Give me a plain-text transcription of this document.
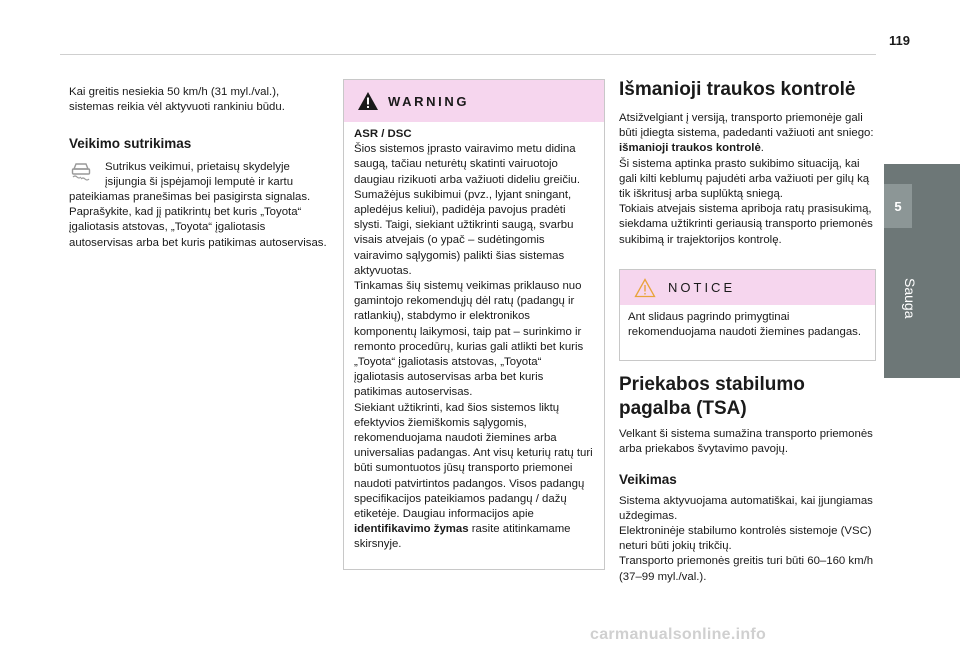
119
5
Sauga

Kai greitis nesiekia 50 km/h (31 myl./val.), sistemas reikia vėl aktyvuoti rankiniu būdu.

Veikimo sutrikimas

Sutrikus veikimui, prietaisų skydelyje įsijungia ši įspėjamoji lemputė ir kartu

pateikiamas pranešimas bei pasigirsta signalas. Paprašykite, kad jį patikrintų bet kuris „Toyota“ įgaliotasis atstovas, „Toyota“ įgaliotasis autoservisas arba bet kuris patikimas autoservisas.

WARNING

ASR / DSC

Šios sistemos įprasto vairavimo metu didina saugą, tačiau neturėtų skatinti vairuotojo daugiau rizikuoti arba važiuoti dideliu greičiu. Sumažėjus sukibimui (pvz., lyjant sningant, apledėjus keliui), padidėja pavojus pradėti slysti. Taigi, siekiant užtikrinti saugą, svarbu visais atvejais (o ypač – sudėtingomis vairavimo sąlygomis) palikti šias sistemas aktyvuotas.

Tinkamas šių sistemų veikimas priklauso nuo gamintojo rekomendųjų dėl ratų (padangų ir ratlankių), stabdymo ir elektronikos komponentų laikymosi, taip pat – surinkimo ir remonto procedūrų, kurias gali atlikti bet kuris „Toyota“ įgaliotasis atstovas, „Toyota“ įgaliotasis autoservisas arba bet kuris patikimas autoservisas.

Siekiant užtikrinti, kad šios sistemos liktų efektyvios žiemiškomis sąlygomis, rekomenduojama naudoti žiemines arba universalias padangas. Ant visų keturių ratų turi būti sumontuotos jūsų transporto priemonei naudoti patvirtintos padangos. Visos padangų specifikacijos pateikiamos padangų / dažų etiketėje. Daugiau informacijos apie identifikavimo žymas rasite atitinkamame skirsnyje.

Išmanioji traukos kontrolė

Atsižvelgiant į versiją, transporto priemonėje gali būti įdiegta sistema, padedanti važiuoti ant sniego: išmanioji traukos kontrolė.

Ši sistema aptinka prasto sukibimo situaciją, kai gali kilti keblumų pajudėti arba važiuoti per gilų ką tik iškritusį arba suplūktą sniegą.

Tokiais atvejais sistema apriboja ratų prasisukimą, siekdama užtikrinti geriausią transporto priemonės sukibimą ir trajektorijos kontrolę.

NOTICE
Ant slidaus pagrindo primygtinai rekomenduojama naudoti žiemines padangas.
Priekabos stabilumo pagalba (TSA)

Velkant ši sistema sumažina transporto priemonės arba priekabos švytavimo pavojų.

Veikimas

Sistema aktyvuojama automatiškai, kai įjungiamas uždegimas.

Elektroninėje stabilumo kontrolės sistemoje (VSC) neturi būti jokių trikčių.

Transporto priemonės greitis turi būti 60–160 km/h (37–99 myl./val.).

carmanualsonline.info
